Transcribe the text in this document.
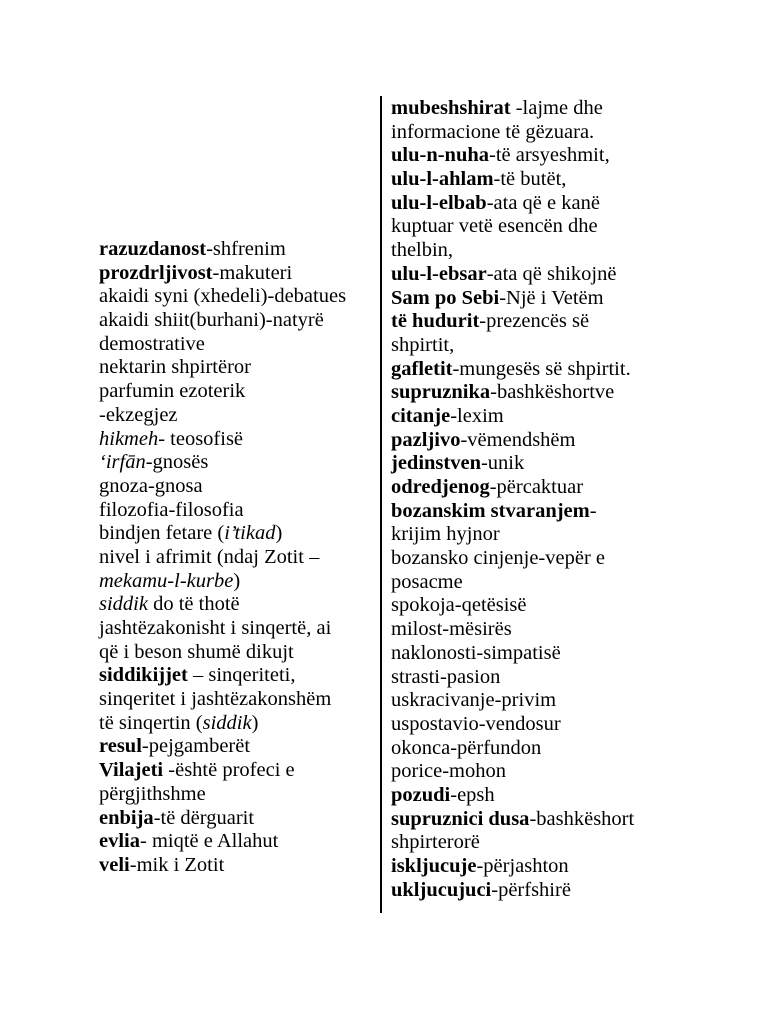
razuzdanost-shfrenim
prozdrljivost-makuteri
akaidi syni (xhedeli)-debatues
akaidi shiit(burhani)-natyrë
demostrative
nektarin shpirtëror
parfumin ezoterik
-ekzegjez
hikmeh- teosofisë
‘irfān-gnosës
gnoza-gnosa
filozofia-filosofia
bindjen fetare (i’tikad)
nivel i afrimit (ndaj Zotit –
mekamu-l-kurbe)
siddik do të thotë
jashtëzakonisht i sinqertë, ai
që i beson shumë dikujt
siddikijjet – sinqeriteti,
sinqeritet i jashtëzakonshëm
të sinqertin (siddik)
resul-pejgamberët
Vilajeti -është profeci e
përgjithshme
enbija-të dërguarit
evlia- miqtë e Allahut
veli-mik i Zotit
mubeshshirat -lajme dhe
informacione të gëzuara.
ulu-n-nuha-të arsyeshmit,
ulu-l-ahlam-të butët,
ulu-l-elbab-ata që e kanë
kuptuar vetë esencën dhe
thelbin,
ulu-l-ebsar-ata që shikojnë
Sam po Sebi-Një i Vetëm
të hudurit-prezencës së
shpirtit,
gafletit-mungesës së shpirtit.
supruznika-bashkëshortve
citanje-lexim
pazljivo-vëmendshëm
jedinstven-unik
odredjenog-përcaktuar
bozanskim stvaranjem-
krijim hyjnor
bozansko cinjenje-vepër e
posacme
spokoja-qetësisë
milost-mësirës
naklonosti-simpatisë
strasti-pasion
uskracivanje-privim
uspostavio-vendosur
okonca-përfundon
porice-mohon
pozudi-epsh
supruznici dusa-bashkëshort
shpirterorë
iskljucuje-përjashton
ukljucujuci-përfshirë
